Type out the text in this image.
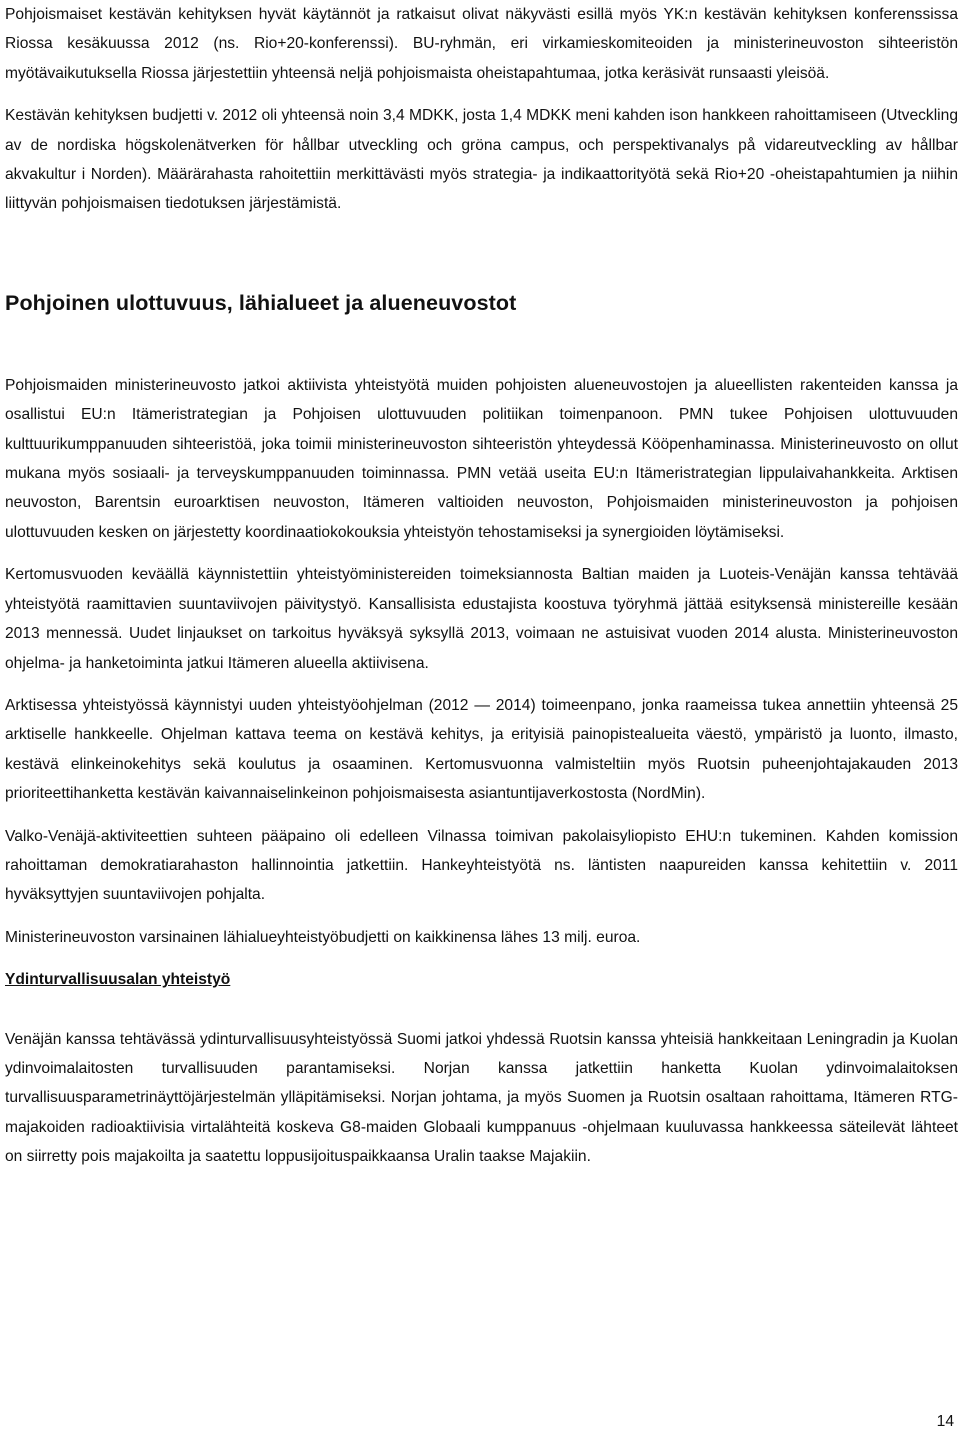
Pohjoismaiset kestävän kehityksen hyvät käytännöt ja ratkaisut olivat näkyvästi esillä myös YK:n kestävän kehityksen konferenssissa Riossa kesäkuussa 2012 (ns. Rio+20-konferenssi). BU-ryhmän, eri virkamieskomiteoiden ja ministerineuvoston sihteeristön myötävaikutuksella Riossa järjestettiin yhteensä neljä pohjoismaista oheistapahtumaa, jotka keräsivät runsaasti yleisöä.

Kestävän kehityksen budjetti v. 2012 oli yhteensä noin 3,4 MDKK, josta 1,4 MDKK meni kahden ison hankkeen rahoittamiseen (Utveckling av de nordiska högskolenätverken för hållbar utveckling och gröna campus, och perspektivanalys på vidareutveckling av hållbar akvakultur i Norden). Määrärahasta rahoitettiin merkittävästi myös strategia- ja indikaattorityötä sekä Rio+20 -oheistapahtumien ja niihin liittyvän pohjoismaisen tiedotuksen järjestämistä.

Pohjoinen ulottuvuus, lähialueet ja alueneuvostot

Pohjoismaiden ministerineuvosto jatkoi aktiivista yhteistyötä muiden pohjoisten alueneuvostojen ja alueellisten rakenteiden kanssa ja osallistui EU:n Itämeristrategian ja Pohjoisen ulottuvuuden politiikan toimenpanoon. PMN tukee Pohjoisen ulottuvuuden kulttuurikumppanuuden sihteeristöä, joka toimii ministerineuvoston sihteeristön yhteydessä Kööpenhaminassa. Ministerineuvosto on ollut mukana myös sosiaali- ja terveyskumppanuuden toiminnassa. PMN vetää useita EU:n Itämeristrategian lippulaivahankkeita. Arktisen neuvoston, Barentsin euroarktisen neuvoston, Itämeren valtioiden neuvoston, Pohjoismaiden ministerineuvoston ja pohjoisen ulottuvuuden kesken on järjestetty koordinaatiokokouksia yhteistyön tehostamiseksi ja synergioiden löytämiseksi.

Kertomusvuoden keväällä käynnistettiin yhteistyöministereiden toimeksiannosta Baltian maiden ja Luoteis-Venäjän kanssa tehtävää yhteistyötä raamittavien suuntaviivojen päivitystyö. Kansallisista edustajista koostuva työryhmä jättää esityksensä ministereille kesään 2013 mennessä. Uudet linjaukset on tarkoitus hyväksyä syksyllä 2013, voimaan ne astuisivat vuoden 2014 alusta. Ministerineuvoston ohjelma- ja hanketoiminta jatkui Itämeren alueella aktiivisena.

Arktisessa yhteistyössä käynnistyi uuden yhteistyöohjelman (2012 — 2014) toimeenpano, jonka raameissa tukea annettiin yhteensä 25 arktiselle hankkeelle. Ohjelman kattava teema on kestävä kehitys, ja erityisiä painopistealueita väestö, ympäristö ja luonto, ilmasto, kestävä elinkeinokehitys sekä koulutus ja osaaminen. Kertomusvuonna valmisteltiin myös Ruotsin puheenjohtajakauden 2013 prioriteettihanketta kestävän kaivannaiselinkeinon pohjoismaisesta asiantuntijaverkostosta (NordMin).

Valko-Venäjä-aktiviteettien suhteen pääpaino oli edelleen Vilnassa toimivan pakolaisyliopisto EHU:n tukeminen. Kahden komission rahoittaman demokratiarahaston hallinnointia jatkettiin. Hankeyhteistyötä ns. läntisten naapureiden kanssa kehitettiin v. 2011 hyväksyttyjen suuntaviivojen pohjalta.

Ministerineuvoston varsinainen lähialueyhteistyöbudjetti on kaikkinensa lähes 13 milj. euroa.

Ydinturvallisuusalan yhteistyö

Venäjän kanssa tehtävässä ydinturvallisuusyhteistyössä Suomi jatkoi yhdessä Ruotsin kanssa yhteisiä hankkeitaan Leningradin ja Kuolan ydinvoimalaitosten turvallisuuden parantamiseksi. Norjan kanssa jatkettiin hanketta Kuolan ydinvoimalaitoksen turvallisuusparametrinäyttöjärjestelmän ylläpitämiseksi. Norjan johtama, ja myös Suomen ja Ruotsin osaltaan rahoittama, Itämeren RTG-majakoiden radioaktiivisia virtalähteitä koskeva G8-maiden Globaali kumppanuus -ohjelmaan kuuluvassa hankkeessa säteilevät lähteet on siirretty pois majakoilta ja saatettu loppusijoituspaikkaansa Uralin taakse Majakiin.

14
